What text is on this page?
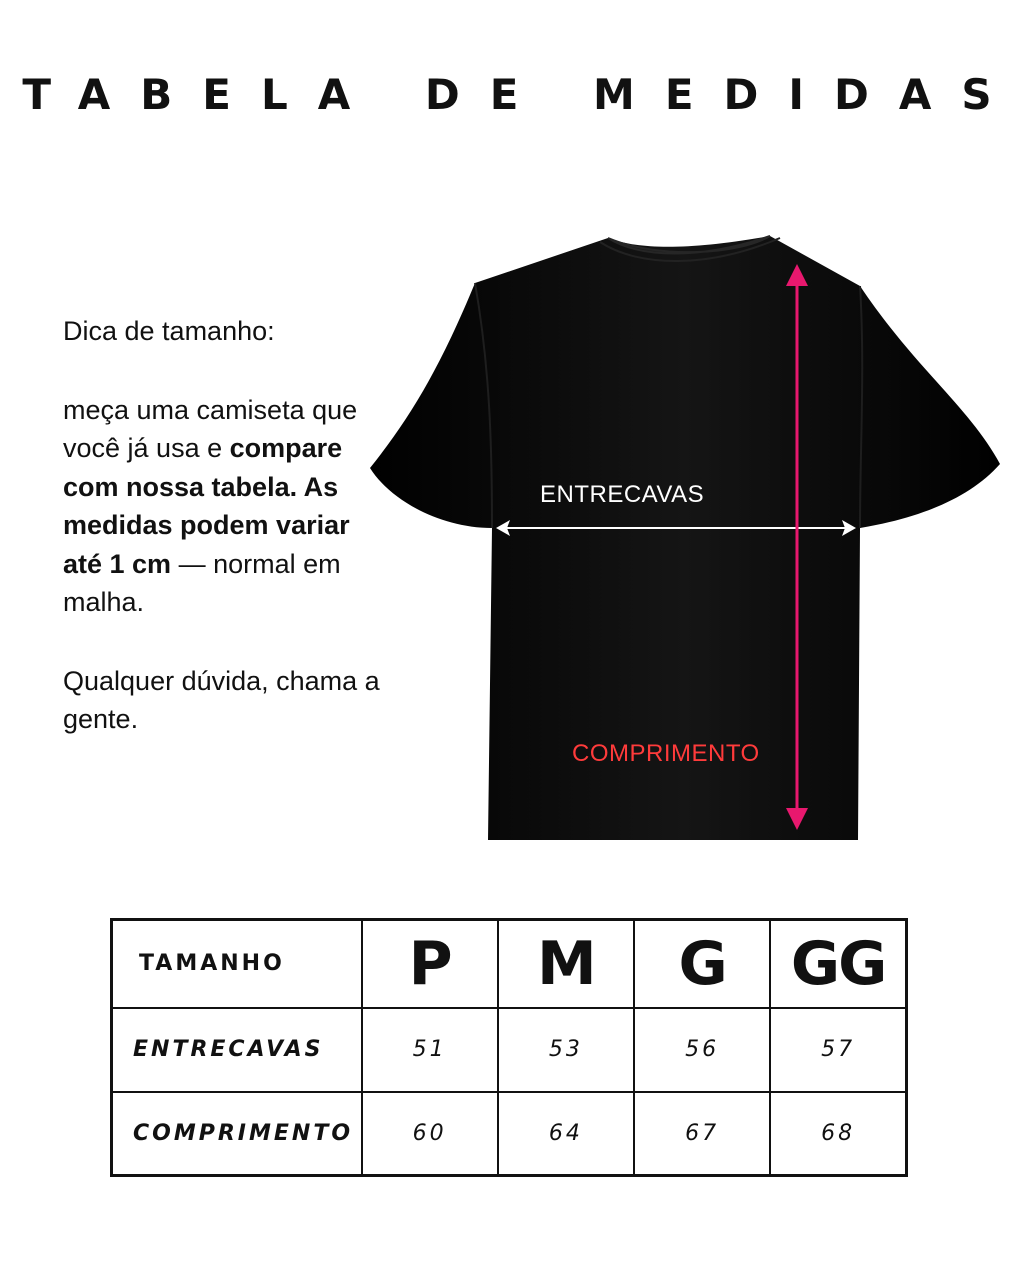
TABELA DE MEDIDAS

Dica de tamanho:

meça uma camiseta que você já usa e compare com nossa tabela. As medidas podem variar até 1 cm — normal em malha.

Qualquer dúvida, chama a gente.

ENTRECAVAS
COMPRIMENTO
TAMANHO	P	M	G	GG
ENTRECAVAS	51	53	56	57
COMPRIMENTO	60	64	67	68
